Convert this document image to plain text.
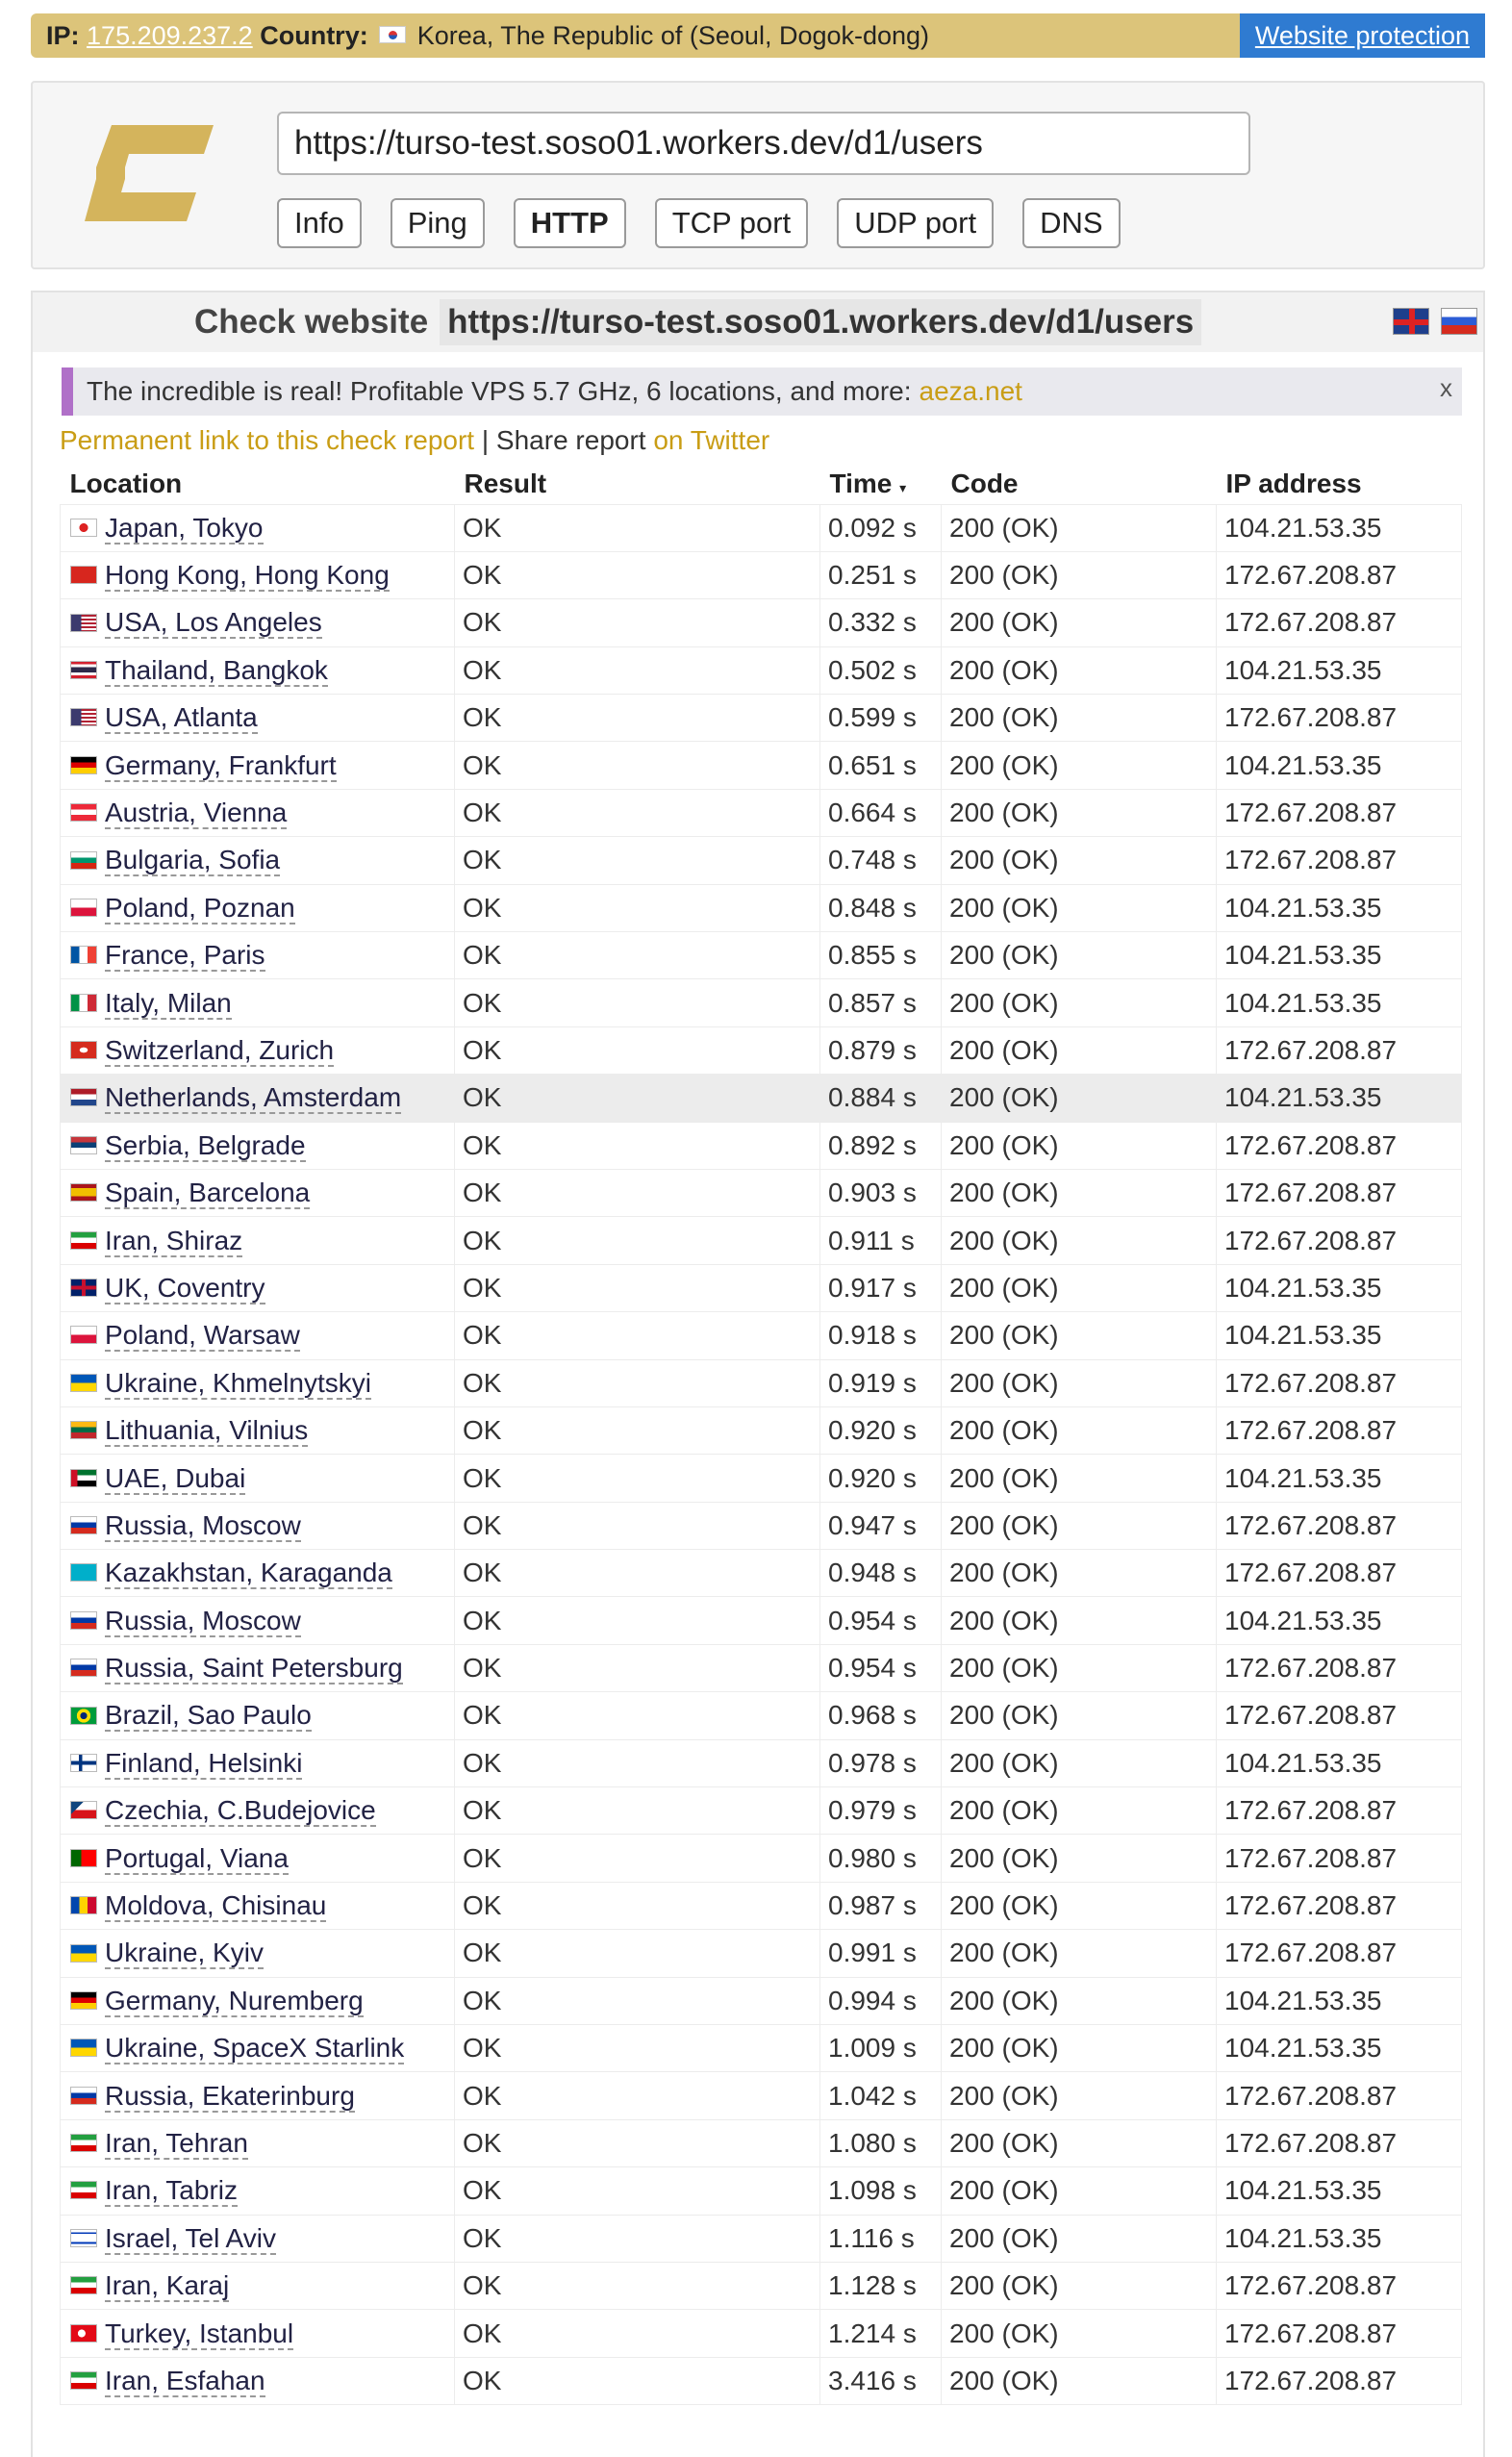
IP: 175.209.237.2 Country: Korea, The Republic of (Seoul, Dogok-dong)	Website protection
https://turso-test.soso01.workers.dev/d1/users
Info	Ping	HTTP	TCP port	UDP port	DNS
Check website https://turso-test.soso01.workers.dev/d1/users
The incredible is real! Profitable VPS 5.7 GHz, 6 locations, and more: aeza.net	x
Permanent link to this check report | Share report on Twitter
Location	Result	Time ▾	Code	IP address
Japan, Tokyo	OK	0.092 s	200 (OK)	104.21.53.35
Hong Kong, Hong Kong	OK	0.251 s	200 (OK)	172.67.208.87
USA, Los Angeles	OK	0.332 s	200 (OK)	172.67.208.87
Thailand, Bangkok	OK	0.502 s	200 (OK)	104.21.53.35
USA, Atlanta	OK	0.599 s	200 (OK)	172.67.208.87
Germany, Frankfurt	OK	0.651 s	200 (OK)	104.21.53.35
Austria, Vienna	OK	0.664 s	200 (OK)	172.67.208.87
Bulgaria, Sofia	OK	0.748 s	200 (OK)	172.67.208.87
Poland, Poznan	OK	0.848 s	200 (OK)	104.21.53.35
France, Paris	OK	0.855 s	200 (OK)	104.21.53.35
Italy, Milan	OK	0.857 s	200 (OK)	104.21.53.35
Switzerland, Zurich	OK	0.879 s	200 (OK)	172.67.208.87
Netherlands, Amsterdam	OK	0.884 s	200 (OK)	104.21.53.35
Serbia, Belgrade	OK	0.892 s	200 (OK)	172.67.208.87
Spain, Barcelona	OK	0.903 s	200 (OK)	172.67.208.87
Iran, Shiraz	OK	0.911 s	200 (OK)	172.67.208.87
UK, Coventry	OK	0.917 s	200 (OK)	104.21.53.35
Poland, Warsaw	OK	0.918 s	200 (OK)	104.21.53.35
Ukraine, Khmelnytskyi	OK	0.919 s	200 (OK)	172.67.208.87
Lithuania, Vilnius	OK	0.920 s	200 (OK)	172.67.208.87
UAE, Dubai	OK	0.920 s	200 (OK)	104.21.53.35
Russia, Moscow	OK	0.947 s	200 (OK)	172.67.208.87
Kazakhstan, Karaganda	OK	0.948 s	200 (OK)	172.67.208.87
Russia, Moscow	OK	0.954 s	200 (OK)	104.21.53.35
Russia, Saint Petersburg	OK	0.954 s	200 (OK)	172.67.208.87
Brazil, Sao Paulo	OK	0.968 s	200 (OK)	172.67.208.87
Finland, Helsinki	OK	0.978 s	200 (OK)	104.21.53.35
Czechia, C.Budejovice	OK	0.979 s	200 (OK)	172.67.208.87
Portugal, Viana	OK	0.980 s	200 (OK)	172.67.208.87
Moldova, Chisinau	OK	0.987 s	200 (OK)	172.67.208.87
Ukraine, Kyiv	OK	0.991 s	200 (OK)	172.67.208.87
Germany, Nuremberg	OK	0.994 s	200 (OK)	104.21.53.35
Ukraine, SpaceX Starlink	OK	1.009 s	200 (OK)	104.21.53.35
Russia, Ekaterinburg	OK	1.042 s	200 (OK)	172.67.208.87
Iran, Tehran	OK	1.080 s	200 (OK)	172.67.208.87
Iran, Tabriz	OK	1.098 s	200 (OK)	104.21.53.35
Israel, Tel Aviv	OK	1.116 s	200 (OK)	104.21.53.35
Iran, Karaj	OK	1.128 s	200 (OK)	172.67.208.87
Turkey, Istanbul	OK	1.214 s	200 (OK)	172.67.208.87
Iran, Esfahan	OK	3.416 s	200 (OK)	172.67.208.87
